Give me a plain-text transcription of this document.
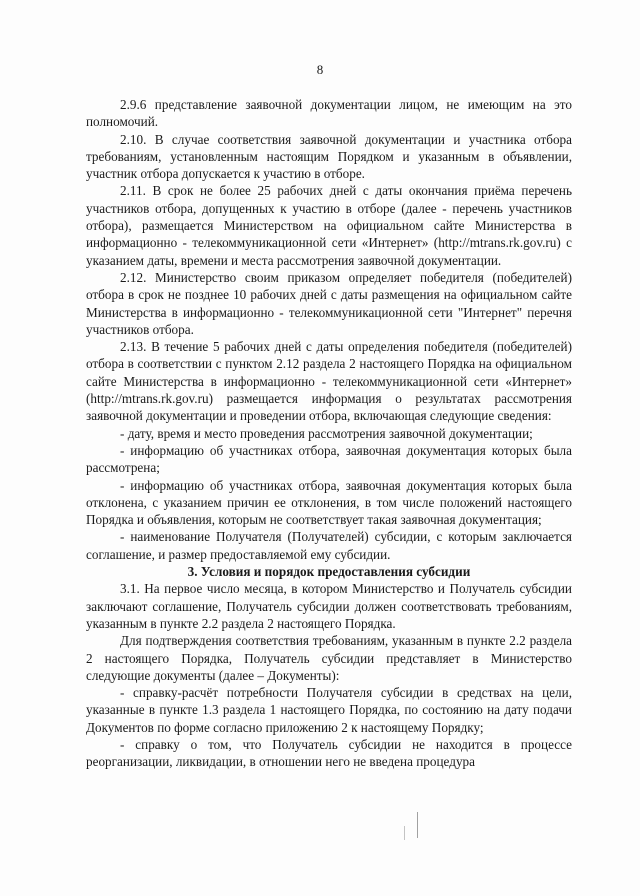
8

2.9.6 представление заявочной документации лицом, не имеющим на это полномочий.

2.10. В случае соответствия заявочной документации и участника отбора требованиям, установленным настоящим Порядком и указанным в объявлении, участник отбора допускается к участию в отборе.

2.11. В срок не более 25 рабочих дней с даты окончания приёма перечень участников отбора, допущенных к участию в отборе (далее - перечень участников отбора), размещается Министерством на официальном сайте Министерства в информационно - телекоммуникационной сети «Интернет» (http://mtrans.rk.gov.ru) с указанием даты, времени и места рассмотрения заявочной документации.

2.12. Министерство своим приказом определяет победителя (победителей) отбора в срок не позднее 10 рабочих дней с даты размещения на официальном сайте Министерства в информационно - телекоммуникационной сети "Интернет" перечня участников отбора.

2.13. В течение 5 рабочих дней с даты определения победителя (победителей) отбора в соответствии с пунктом 2.12 раздела 2 настоящего Порядка на официальном сайте Министерства в информационно - телекоммуникационной сети «Интернет» (http://mtrans.rk.gov.ru) размещается информация о результатах рассмотрения заявочной документации и проведении отбора, включающая следующие сведения:

- дату, время и место проведения рассмотрения заявочной документации;

- информацию об участниках отбора, заявочная документация которых была рассмотрена;

- информацию об участниках отбора, заявочная документация которых была отклонена, с указанием причин ее отклонения, в том числе положений настоящего Порядка и объявления, которым не соответствует такая заявочная документация;

- наименование Получателя (Получателей) субсидии, с которым заключается соглашение, и размер предоставляемой ему субсидии.

3. Условия и порядок предоставления субсидии

3.1. На первое число месяца, в котором Министерство и Получатель субсидии заключают соглашение, Получатель субсидии должен соответствовать требованиям, указанным в пункте 2.2 раздела 2 настоящего Порядка.

Для подтверждения соответствия требованиям, указанным в пункте 2.2 раздела 2 настоящего Порядка, Получатель субсидии представляет в Министерство следующие документы (далее – Документы):

- справку-расчёт потребности Получателя субсидии в средствах на цели, указанные в пункте 1.3 раздела 1 настоящего Порядка, по состоянию на дату подачи Документов по форме согласно приложению 2 к настоящему Порядку;

- справку о том, что Получатель субсидии не находится в процессе реорганизации, ликвидации, в отношении него не введена процедура
